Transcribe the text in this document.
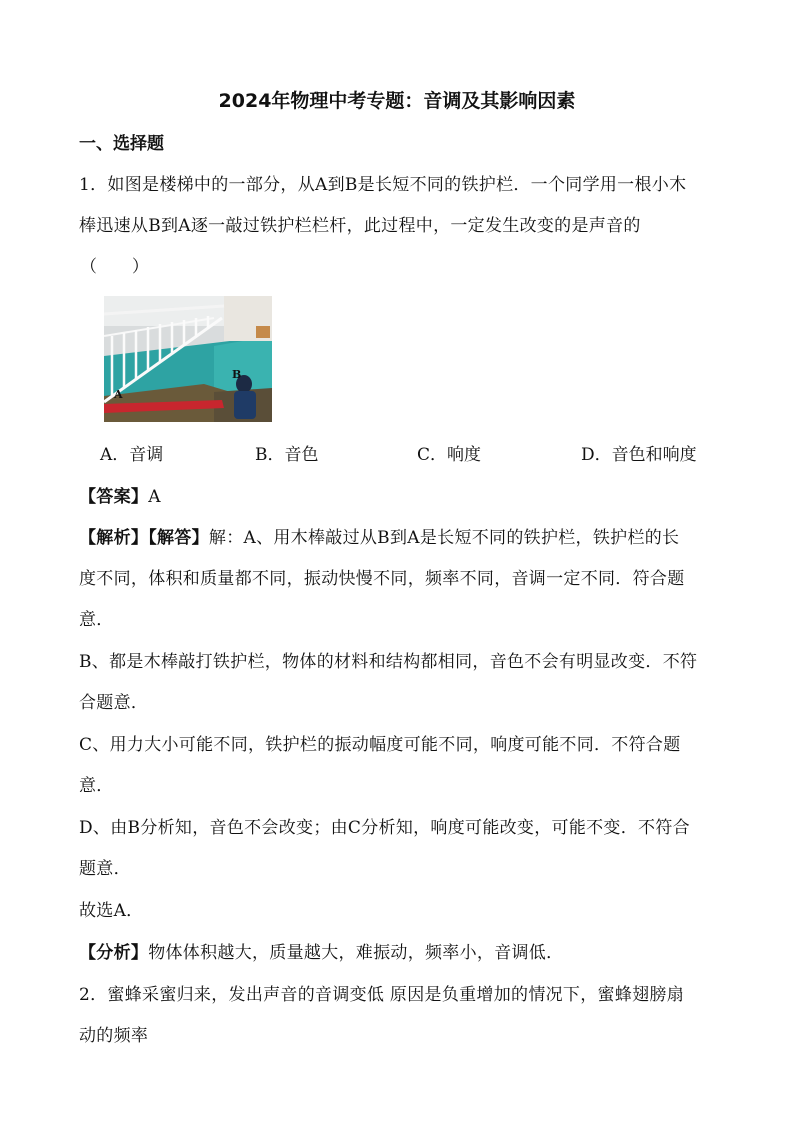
2024年物理中考专题：音调及其影响因素
一、选择题
1．如图是楼梯中的一部分，从A到B是长短不同的铁护栏．一个同学用一根小木
棒迅速从B到A逐一敲过铁护栏栏杆，此过程中，一定发生改变的是声音的
（　　）
A
B
A．音调	B．音色	C．响度	D．音色和响度
【答案】A
【解析】【解答】解：A、用木棒敲过从B到A是长短不同的铁护栏，铁护栏的长
度不同，体积和质量都不同，振动快慢不同，频率不同，音调一定不同．符合题
意．
B、都是木棒敲打铁护栏，物体的材料和结构都相同，音色不会有明显改变．不符
合题意．
C、用力大小可能不同，铁护栏的振动幅度可能不同，响度可能不同．不符合题
意．
D、由B分析知，音色不会改变；由C分析知，响度可能改变，可能不变．不符合
题意．
故选A．
【分析】物体体积越大，质量越大，难振动，频率小，音调低．
2．蜜蜂采蜜归来，发出声音的音调变低 原因是负重增加的情况下，蜜蜂翅膀扇
动的频率
